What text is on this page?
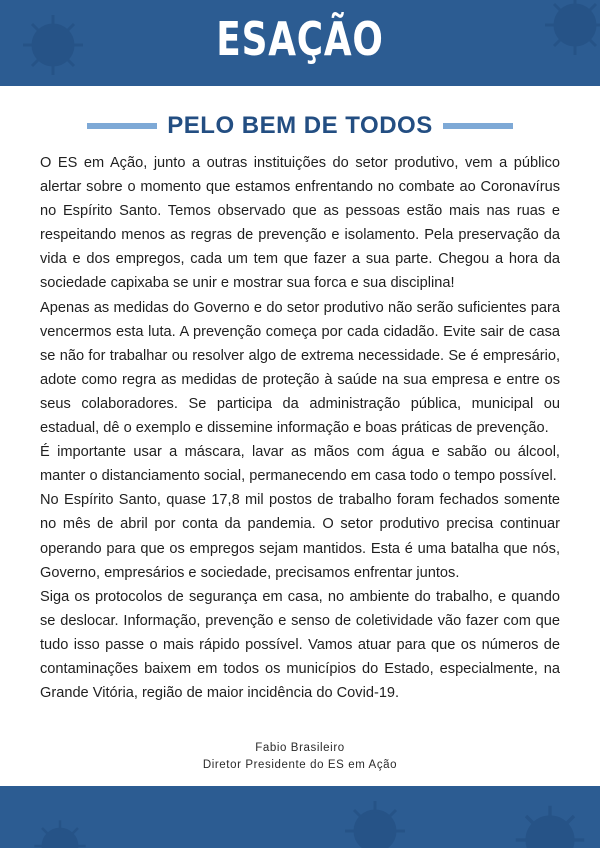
ESAÇÃO
PELO BEM DE TODOS

O ES em Ação, junto a outras instituições do setor produtivo, vem a público alertar sobre o momento que estamos enfrentando no combate ao Coronavírus no Espírito Santo. Temos observado que as pessoas estão mais nas ruas e respeitando menos as regras de prevenção e isolamento. Pela preservação da vida e dos empregos, cada um tem que fazer a sua parte. Chegou a hora da sociedade capixaba se unir e mostrar sua forca e sua disciplina!

Apenas as medidas do Governo e do setor produtivo não serão suficientes para vencermos esta luta. A prevenção começa por cada cidadão. Evite sair de casa se não for trabalhar ou resolver algo de extrema necessidade. Se é empresário, adote como regra as medidas de proteção à saúde na sua empresa e entre os seus colaboradores. Se participa da administração pública, municipal ou estadual, dê o exemplo e dissemine informação e boas práticas de prevenção.

É importante usar a máscara, lavar as mãos com água e sabão ou álcool, manter o distanciamento social, permanecendo em casa todo o tempo possível.

No Espírito Santo, quase 17,8 mil postos de trabalho foram fechados somente no mês de abril por conta da pandemia. O setor produtivo precisa continuar operando para que os empregos sejam mantidos. Esta é uma batalha que nós, Governo, empresários e sociedade, precisamos enfrentar juntos.

Siga os protocolos de segurança em casa, no ambiente do trabalho, e quando se deslocar. Informação, prevenção e senso de coletividade vão fazer com que tudo isso passe o mais rápido possível. Vamos atuar para que os números de contaminações baixem em todos os municípios do Estado, especialmente, na Grande Vitória, região de maior incidência do Covid-19.

Fabio Brasileiro
Diretor Presidente do ES em Ação
